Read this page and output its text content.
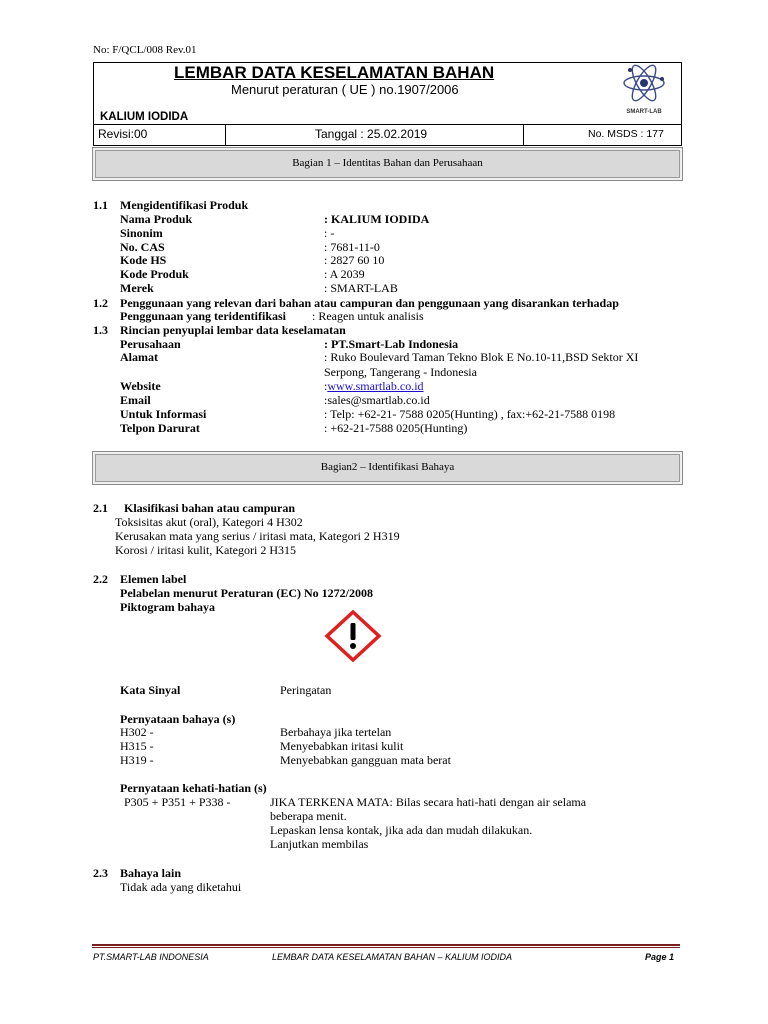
No: F/QCL/008 Rev.01
LEMBAR DATA KESELAMATAN BAHAN
Menurut peraturan ( UE ) no.1907/2006
KALIUM IODIDA	SMART-LAB
Revisi:00	Tanggal : 25.02.2019	No. MSDS : 177
Bagian 1 – Identitas Bahan dan Perusahaan
1.1 Mengidentifikasi Produk
Nama Produk	: KALIUM IODIDA
Sinonim	: -
No. CAS	: 7681-11-0
Kode HS	: 2827 60 10
Kode Produk	: A 2039
Merek	: SMART-LAB
1.2 Penggunaan yang relevan dari bahan atau campuran dan penggunaan yang disarankan terhadap
Penggunaan yang teridentifikasi : Reagen untuk analisis
1.3 Rincian penyuplai lembar data keselamatan
Perusahaan	: PT.Smart-Lab Indonesia
Alamat	: Ruko Boulevard Taman Tekno Blok E No.10-11,BSD Sektor XI
Serpong, Tangerang - Indonesia
Website	:www.smartlab.co.id
Email	:sales@smartlab.co.id
Untuk Informasi	: Telp: +62-21- 7588 0205(Hunting) , fax:+62-21-7588 0198
Telpon Darurat	: +62-21-7588 0205(Hunting)
Bagian2 – Identifikasi Bahaya
2.1 Klasifikasi bahan atau campuran
Toksisitas akut (oral), Kategori 4 H302
Kerusakan mata yang serius / iritasi mata, Kategori 2 H319
Korosi / iritasi kulit, Kategori 2 H315
2.2 Elemen label
Pelabelan menurut Peraturan (EC) No 1272/2008
Piktogram bahaya
Kata Sinyal	Peringatan
Pernyataan bahaya (s)
H302 -	Berbahaya jika tertelan
H315 -	Menyebabkan iritasi kulit
H319 -	Menyebabkan gangguan mata berat
Pernyataan kehati-hatian (s)
P305 + P351 + P338 -	JIKA TERKENA MATA: Bilas secara hati-hati dengan air selama
beberapa menit.
Lepaskan lensa kontak, jika ada dan mudah dilakukan.
Lanjutkan membilas
2.3 Bahaya lain
Tidak ada yang diketahui
PT.SMART-LAB INDONESIA	LEMBAR DATA KESELAMATAN BAHAN – KALIUM IODIDA	Page 1
